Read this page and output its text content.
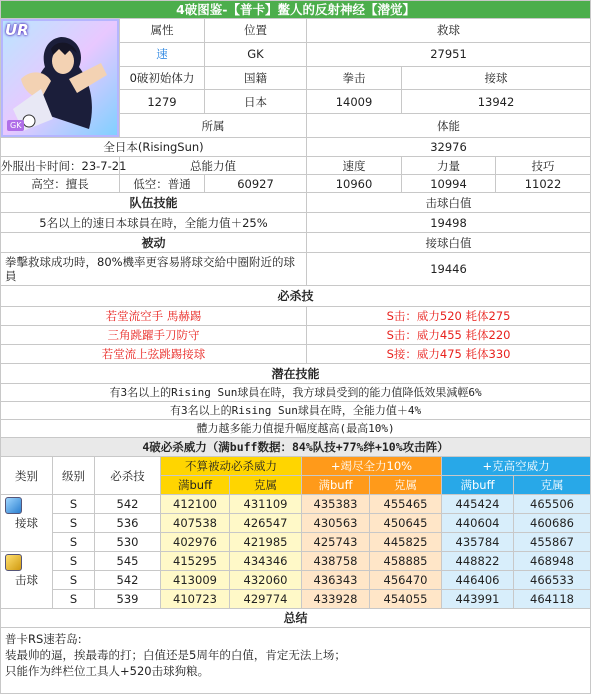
4破图鉴-【普卡】鳖人的反射神经【潜觉】					

UR
GK	属性	位置	救球		
	速	GK	27951		
	0破初始体力	国籍	拳击	接球	
	1279	日本	14009	13942	
	所属		体能		
全日本(RisingSun)			32976		
外服出卡时间：23-7-21	总能力值		速度	力量	技巧
高空：擅長	低空：普通	60927	10960	10994	11022
队伍技能			击球白值		
5名以上的速日本球員在時，全能力值＋25%			19498		
被动			接球白值		
拳擊救球成功時，80%機率更容易將球交給中圈附近的球員			19446		
必杀技					
若堂流空手 馬赫踢			S击：威力520 耗体275		
三角跳躍手刀防守			S击：威力455 耗体220		
若堂流上弦跳踢接球			S接：威力475 耗体330		
潜在技能					
有3名以上的Rising Sun球員在時，我方球員受到的能力值降低效果減輕6%					
有3名以上的Rising Sun球員在時，全能力值＋4%					
體力越多能力值提升幅度越高(最高10%)					
4破必杀威力（满buff数据：84%队技+77%绊+10%攻击阵）								
类别	级别	必杀技	不算被动必杀威力		+竭尽全力10%		+克高空威力	
			满buff	克属	满buff	克属	满buff	克属

接球	S	542	412100	431109	435383	455465	445424	465506
	S	536	407538	426547	430563	450645	440604	460686
	S	530	402976	421985	425743	445825	435784	455867

击球	S	545	415295	434346	438758	458885	448822	468948
	S	542	413009	432060	436343	456470	446406	466533
	S	539	410723	429774	433928	454055	443991	464118
总结								

普卡RS速若岛:
装最帅的逼，挨最毒的打；白值还是5周年的白值，肯定无法上场；
只能作为绊栏位工具人+520击球狗粮。								
